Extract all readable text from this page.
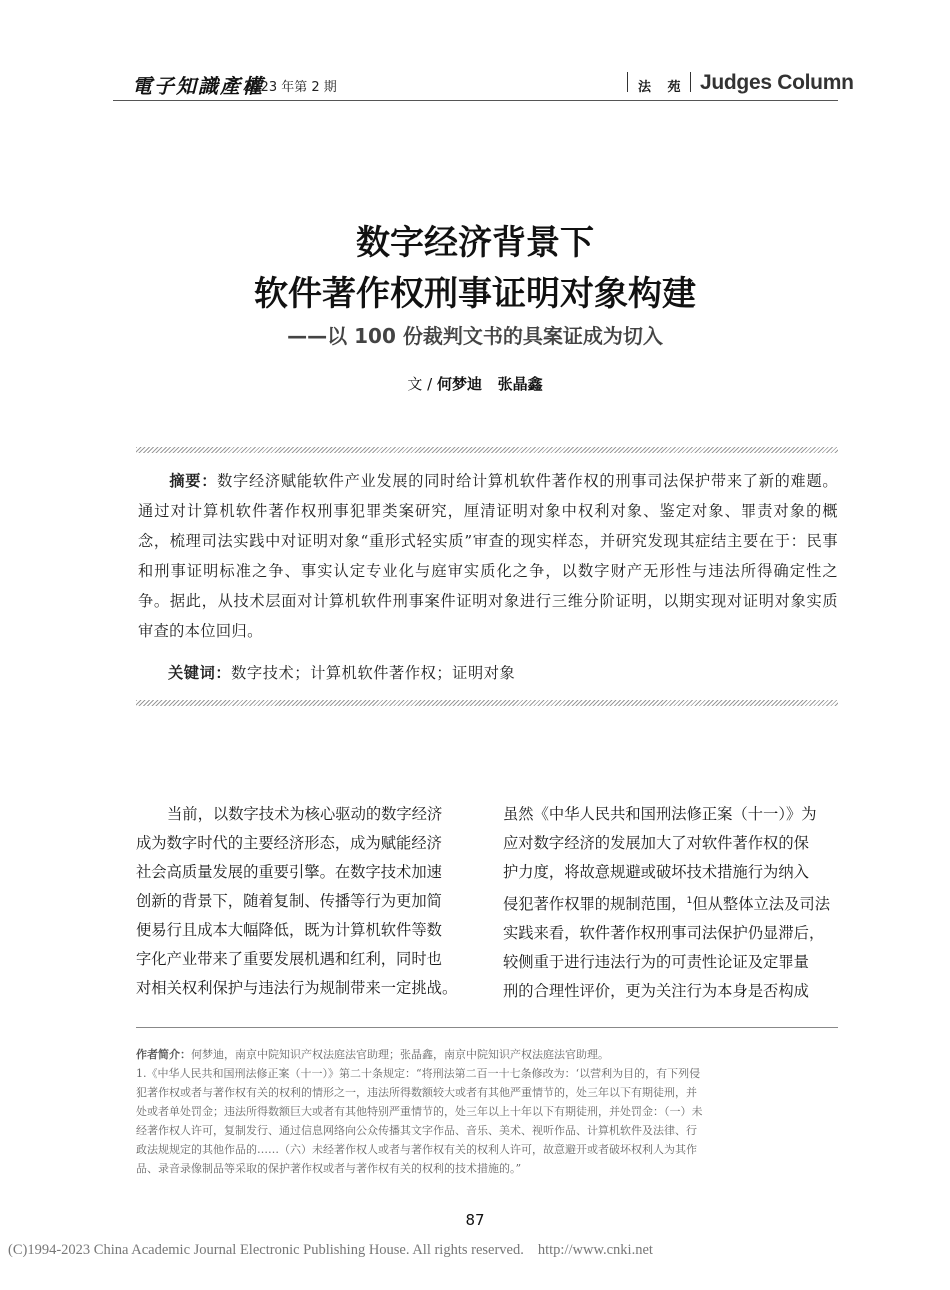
電子知識產權
2023 年第 2 期	法 苑 Judges Column
数字经济背景下
软件著作权刑事证明对象构建
——以 100 份裁判文书的具案证成为切入
文 / 何梦迪   张晶鑫
摘要：数字经济赋能软件产业发展的同时给计算机软件著作权的刑事司法保护带来了新的难题。通过对计算机软件著作权刑事犯罪类案研究，厘清证明对象中权利对象、鉴定对象、罪责对象的概念，梳理司法实践中对证明对象“重形式轻实质”审查的现实样态，并研究发现其症结主要在于：民事和刑事证明标准之争、事实认定专业化与庭审实质化之争，以数字财产无形性与违法所得确定性之争。据此，从技术层面对计算机软件刑事案件证明对象进行三维分阶证明，以期实现对证明对象实质审查的本位回归。
关键词：数字技术；计算机软件著作权；证明对象
当前，以数字技术为核心驱动的数字经济
成为数字时代的主要经济形态，成为赋能经济
社会高质量发展的重要引擎。在数字技术加速
创新的背景下，随着复制、传播等行为更加简
便易行且成本大幅降低，既为计算机软件等数
字化产业带来了重要发展机遇和红利，同时也
对相关权利保护与违法行为规制带来一定挑战。
虽然《中华人民共和国刑法修正案（十一）》为
应对数字经济的发展加大了对软件著作权的保
护力度，将故意规避或破坏技术措施行为纳入
侵犯著作权罪的规制范围，$^1$但从整体立法及司法
实践来看，软件著作权刑事司法保护仍显滞后，
较侧重于进行违法行为的可责性论证及定罪量
刑的合理性评价，更为关注行为本身是否构成
作者简介：何梦迪，南京中院知识产权法庭法官助理；张晶鑫，南京中院知识产权法庭法官助理。
1.《中华人民共和国刑法修正案（十一）》第二十条规定：“将刑法第二百一十七条修改为：‘以营利为目的，有下列侵
犯著作权或者与著作权有关的权利的情形之一，违法所得数额较大或者有其他严重情节的，处三年以下有期徒刑，并
处或者单处罚金；违法所得数额巨大或者有其他特别严重情节的，处三年以上十年以下有期徒刑，并处罚金：（一）未
经著作权人许可，复制发行、通过信息网络向公众传播其文字作品、音乐、美术、视听作品、计算机软件及法律、行
政法规规定的其他作品的……（六）未经著作权人或者与著作权有关的权利人许可，故意避开或者破坏权利人为其作
品、录音录像制品等采取的保护著作权或者与著作权有关的权利的技术措施的。”
87
(C)1994-2023 China Academic Journal Electronic Publishing House. All rights reserved. http://www.cnki.net
